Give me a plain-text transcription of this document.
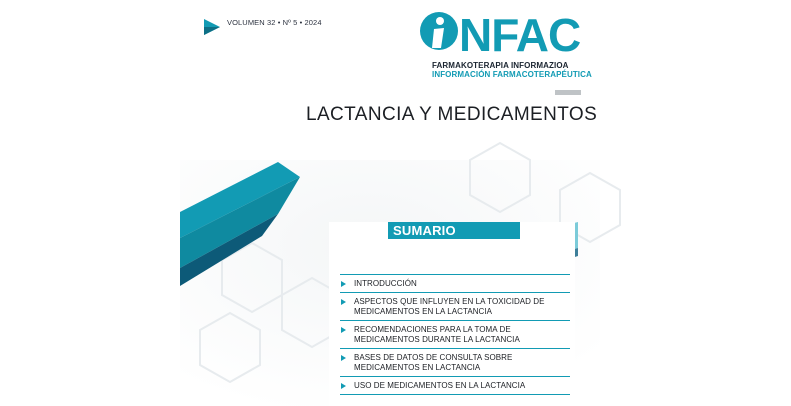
VOLUMEN 32 • Nº 5 • 2024	NFAC
FARMAKOTERAPIA INFORMAZIOA
INFORMACIÓN FARMACOTERAPÉUTICA
LACTANCIA Y MEDICAMENTOS
SUMARIO
INTRODUCCIÓN
ASPECTOS QUE INFLUYEN EN LA TOXICIDAD DE MEDICAMENTOS EN LA LACTANCIA
RECOMENDACIONES PARA LA TOMA DE MEDICAMENTOS DURANTE LA LACTANCIA
BASES DE DATOS DE CONSULTA SOBRE MEDICAMENTOS EN LACTANCIA
USO DE MEDICAMENTOS EN LA LACTANCIA
